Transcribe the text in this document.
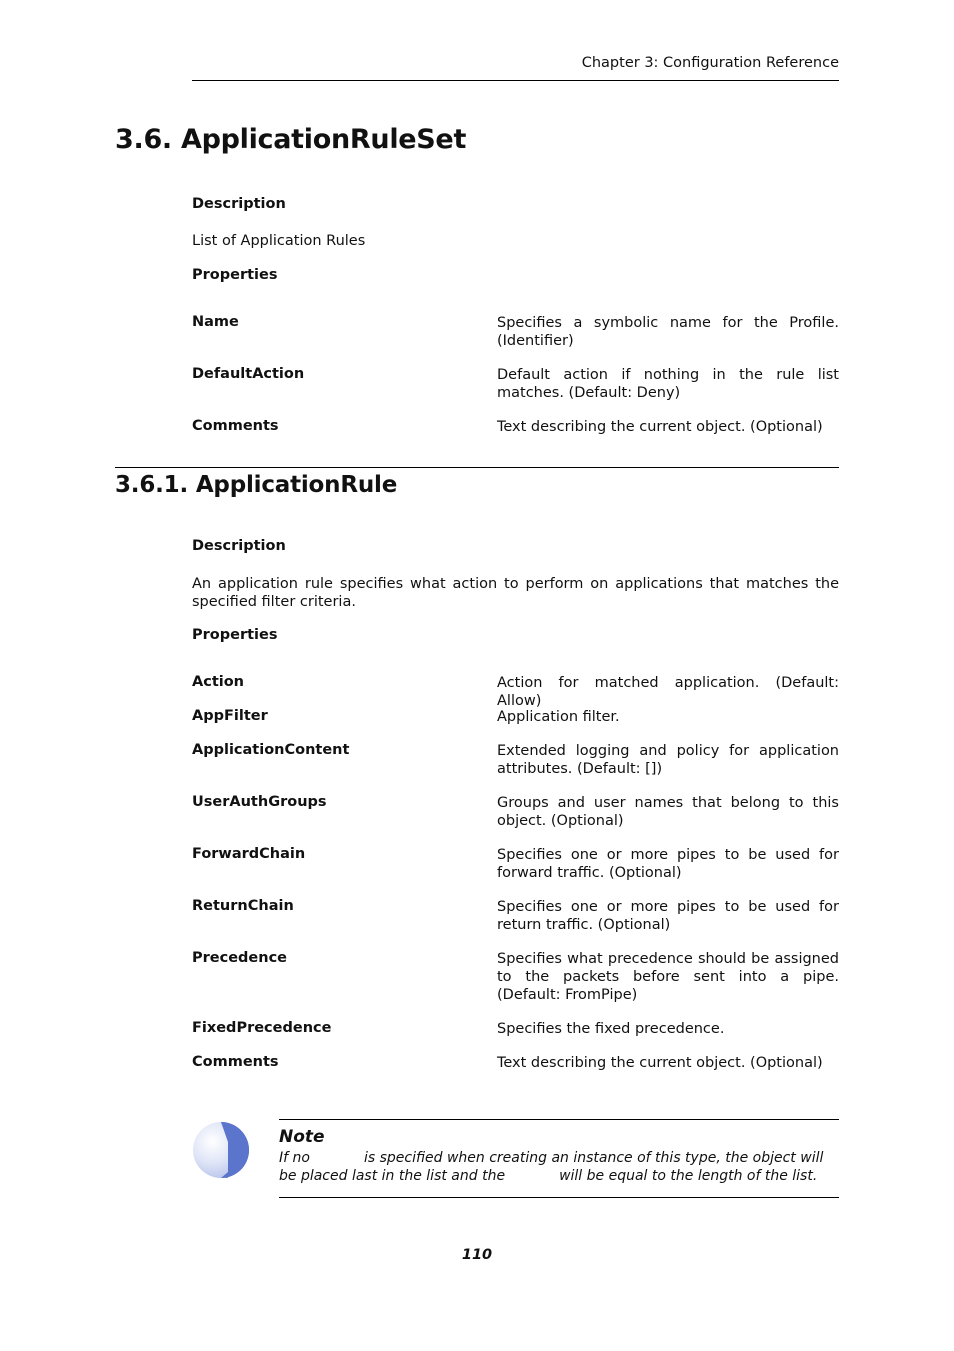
Chapter 3: Configuration Reference
3.6. ApplicationRuleSet
Description
List of Application Rules
Properties
Name	Specifies a symbolic name for the Profile. (Identifier)
DefaultAction	Default action if nothing in the rule list matches. (Default: Deny)
Comments	Text describing the current object. (Optional)
3.6.1. ApplicationRule
Description
An application rule specifies what action to perform on applications that matches the specified filter criteria.
Properties
Action	Action for matched application. (Default: Allow)
AppFilter	Application filter.
ApplicationContent	Extended logging and policy for application attributes. (Default: [])
UserAuthGroups	Groups and user names that belong to this object. (Optional)
ForwardChain	Specifies one or more pipes to be used for forward traffic. (Optional)
ReturnChain	Specifies one or more pipes to be used for return traffic. (Optional)
Precedence	Specifies what precedence should be assigned to the packets before sent into a pipe. (Default: FromPipe)
FixedPrecedence	Specifies the fixed precedence.
Comments	Text describing the current object. (Optional)
Note
If no	is specified when creating an instance of this type, the object will be placed last in the list and the	will be equal to the length of the list.
110
